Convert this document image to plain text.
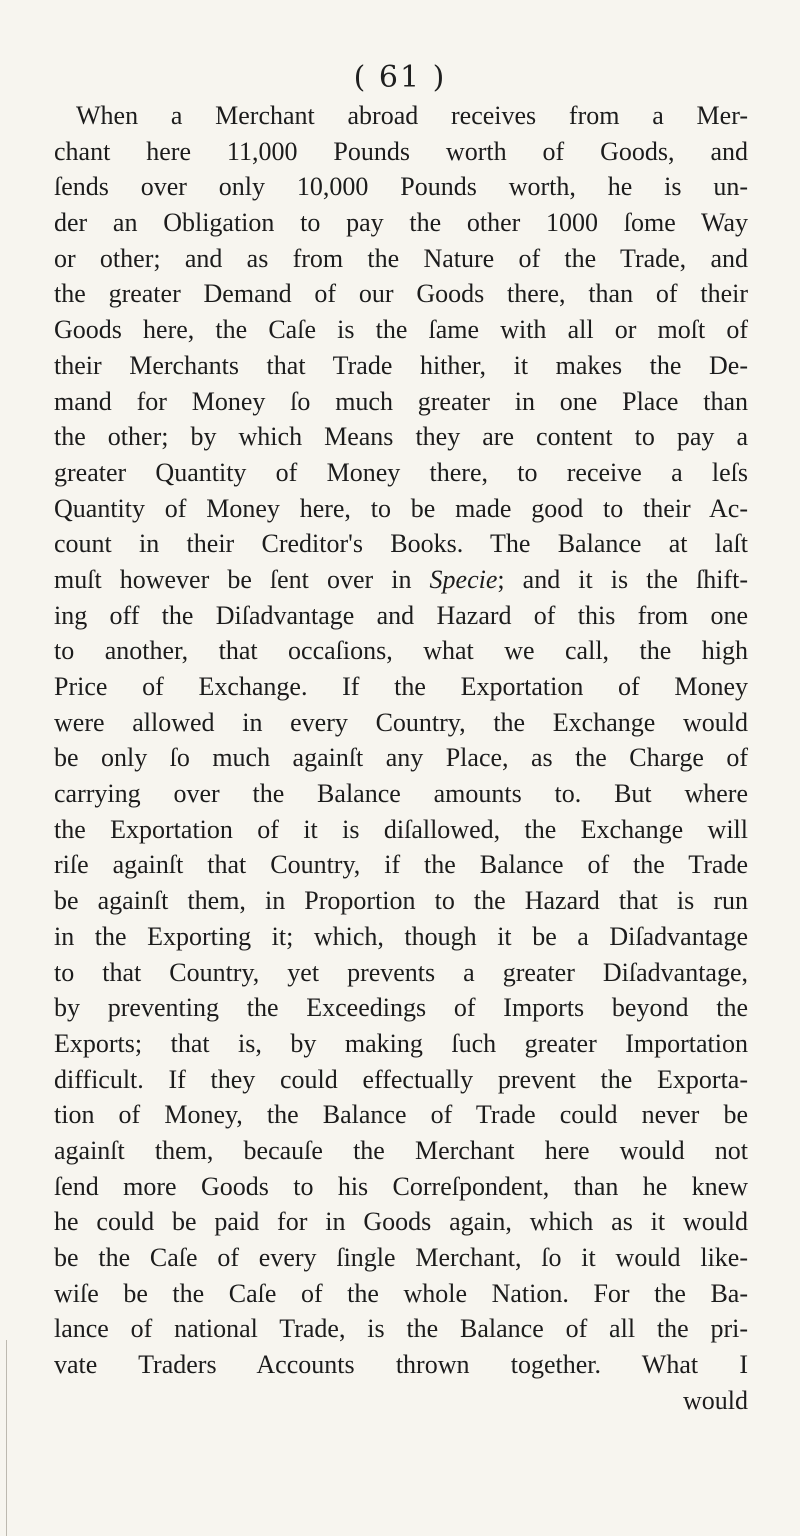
( 61 )
When a Merchant abroad receives from a Mer-
chant here 11,000 Pounds worth of Goods, and
ſends over only 10,000 Pounds worth, he is un-
der an Obligation to pay the other 1000 ſome Way
or other; and as from the Nature of the Trade, and
the greater Demand of our Goods there, than of their
Goods here, the Caſe is the ſame with all or moſt of
their Merchants that Trade hither, it makes the De-
mand for Money ſo much greater in one Place than
the other; by which Means they are content to pay a
greater Quantity of Money there, to receive a leſs
Quantity of Money here, to be made good to their Ac-
count in their Creditor's Books. The Balance at laſt
muſt however be ſent over in Specie; and it is the ſhift-
ing off the Diſadvantage and Hazard of this from one
to another, that occaſions, what we call, the high
Price of Exchange. If the Exportation of Money
were allowed in every Country, the Exchange would
be only ſo much againſt any Place, as the Charge of
carrying over the Balance amounts to. But where
the Exportation of it is diſallowed, the Exchange will
riſe againſt that Country, if the Balance of the Trade
be againſt them, in Proportion to the Hazard that is run
in the Exporting it; which, though it be a Diſadvantage
to that Country, yet prevents a greater Diſadvantage,
by preventing the Exceedings of Imports beyond the
Exports; that is, by making ſuch greater Importation
difficult. If they could effectually prevent the Exporta-
tion of Money, the Balance of Trade could never be
againſt them, becauſe the Merchant here would not
ſend more Goods to his Correſpondent, than he knew
he could be paid for in Goods again, which as it would
be the Caſe of every ſingle Merchant, ſo it would like-
wiſe be the Caſe of the whole Nation. For the Ba-
lance of national Trade, is the Balance of all the pri-
vate Traders Accounts thrown together. What I
would
